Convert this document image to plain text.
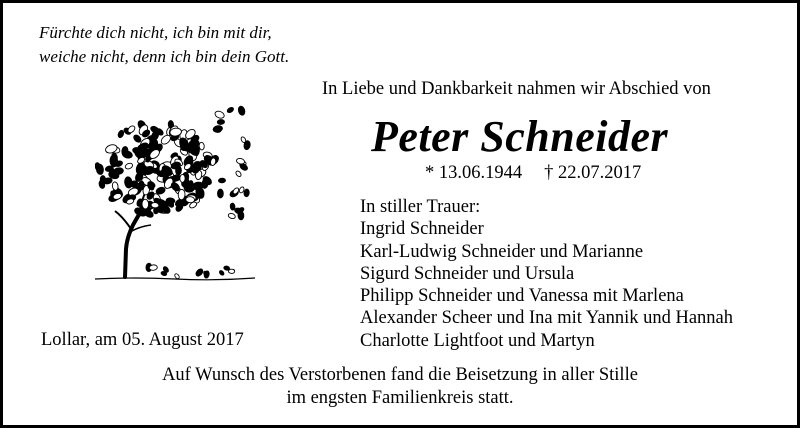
Fürchte dich nicht, ich bin mit dir,
weiche nicht, denn ich bin dein Gott.
In Liebe und Dankbarkeit nahmen wir Abschied von
Peter Schneider
* 13.06.1944 † 22.07.2017
In stiller Trauer:
Ingrid Schneider
Karl-Ludwig Schneider und Marianne
Sigurd Schneider und Ursula
Philipp Schneider und Vanessa mit Marlena
Alexander Scheer und Ina mit Yannik und Hannah
Charlotte Lightfoot und Martyn
Lollar, am 05. August 2017
Auf Wunsch des Verstorbenen fand die Beisetzung in aller Stille
im engsten Familienkreis statt.
